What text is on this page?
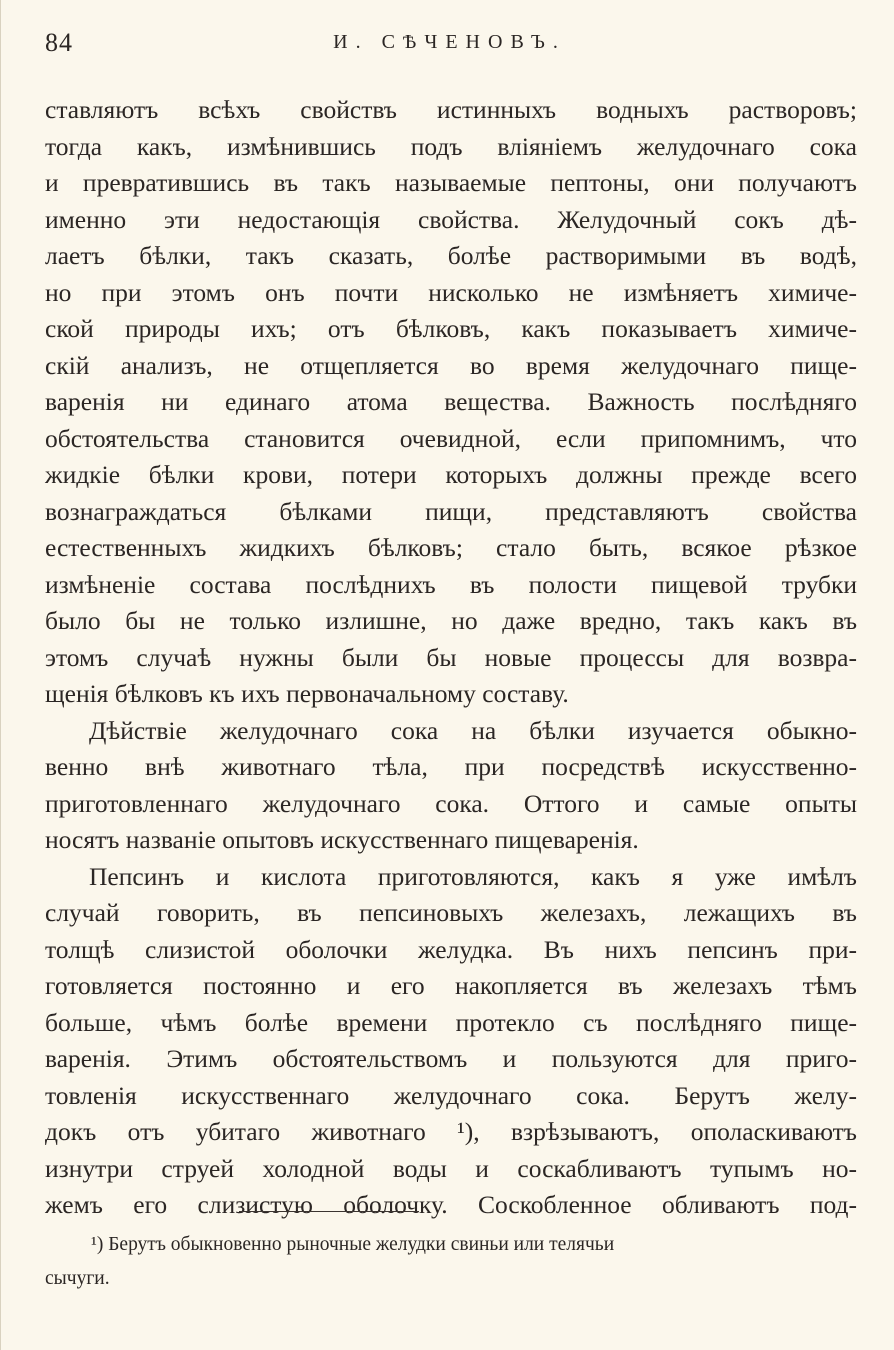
84	И. СѢЧЕНОВЪ.
ставляютъ всѣхъ свойствъ истинныхъ водныхъ растворовъ;
тогда какъ, измѣнившись подъ вліяніемъ желудочнаго сока
и превратившись въ такъ называемые пептоны, они получаютъ
именно эти недостающія свойства. Желудочный сокъ дѣ-
лаетъ бѣлки, такъ сказать, болѣе растворимыми въ водѣ,
но при этомъ онъ почти нисколько не измѣняетъ химиче-
ской природы ихъ; отъ бѣлковъ, какъ показываетъ химиче-
скій анализъ, не отщепляется во время желудочнаго пище-
варенія ни единаго атома вещества. Важность послѣдняго
обстоятельства становится очевидной, если припомнимъ, что
жидкіе бѣлки крови, потери которыхъ должны прежде всего
вознаграждаться бѣлками пищи, представляютъ свойства
естественныхъ жидкихъ бѣлковъ; стало быть, всякое рѣзкое
измѣненіе состава послѣднихъ въ полости пищевой трубки
было бы не только излишне, но даже вредно, такъ какъ въ
этомъ случаѣ нужны были бы новые процессы для возвра-
щенія бѣлковъ къ ихъ первоначальному составу.
Дѣйствіе желудочнаго сока на бѣлки изучается обыкно-
венно внѣ животнаго тѣла, при посредствѣ искусственно-
приготовленнаго желудочнаго сока. Оттого и самые опыты
носятъ названіе опытовъ искусственнаго пищеваренія.
Пепсинъ и кислота приготовляются, какъ я уже имѣлъ
случай говорить, въ пепсиновыхъ железахъ, лежащихъ въ
толщѣ слизистой оболочки желудка. Въ нихъ пепсинъ при-
готовляется постоянно и его накопляется въ железахъ тѣмъ
больше, чѣмъ болѣе времени протекло съ послѣдняго пище-
варенія. Этимъ обстоятельствомъ и пользуются для приго-
товленія искусственнаго желудочнаго сока. Берутъ желу-
докъ отъ убитаго животнаго ¹), взрѣзываютъ, ополаскиваютъ
изнутри струей холодной воды и соскабливаютъ тупымъ но-
жемъ его слизистую оболочку. Соскобленное обливаютъ под-
¹) Берутъ обыкновенно рыночные желудки свиньи или телячьи
сычуги.
